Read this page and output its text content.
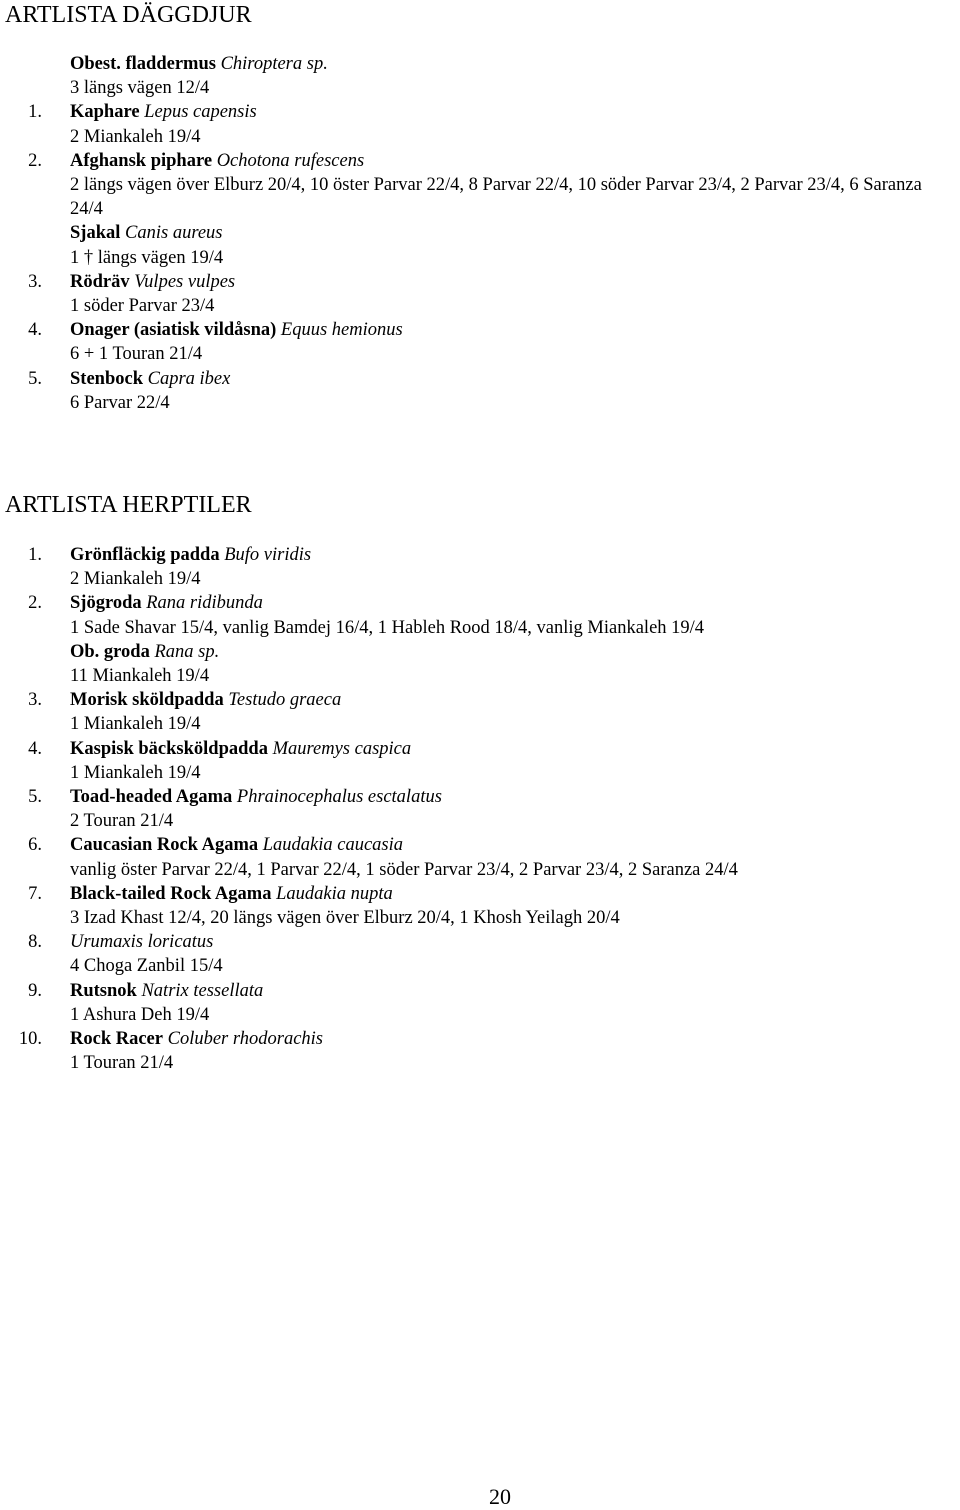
ARTLISTA DÄGGDJUR
Obest. fladdermus Chiroptera sp.
3 längs vägen 12/4
1. Kaphare Lepus capensis
2 Miankaleh 19/4
2. Afghansk piphare Ochotona rufescens
2 längs vägen över Elburz 20/4, 10 öster Parvar 22/4, 8 Parvar 22/4, 10 söder Parvar 23/4, 2 Parvar 23/4, 6 Saranza 24/4
Sjakal Canis aureus
1 † längs vägen 19/4
3. Rödräv Vulpes vulpes
1 söder Parvar 23/4
4. Onager (asiatisk vildåsna) Equus hemionus
6 + 1 Touran 21/4
5. Stenbock Capra ibex
6 Parvar 22/4
ARTLISTA HERPTILER
1. Grönfläckig padda Bufo viridis
2 Miankaleh 19/4
2. Sjögroda Rana ridibunda
1 Sade Shavar 15/4, vanlig Bamdej 16/4, 1 Hableh Rood 18/4, vanlig Miankaleh 19/4
Ob. groda Rana sp.
11 Miankaleh 19/4
3. Morisk sköldpadda Testudo graeca
1 Miankaleh 19/4
4. Kaspisk bäcksköldpadda Mauremys caspica
1 Miankaleh 19/4
5. Toad-headed Agama Phrainocephalus esctalatus
2 Touran 21/4
6. Caucasian Rock Agama Laudakia caucasia
vanlig öster Parvar 22/4, 1 Parvar 22/4, 1 söder Parvar 23/4, 2 Parvar 23/4, 2 Saranza 24/4
7. Black-tailed Rock Agama Laudakia nupta
3 Izad Khast 12/4, 20 längs vägen över Elburz 20/4, 1 Khosh Yeilagh 20/4
8. Urumaxis loricatus
4 Choga Zanbil 15/4
9. Rutsnok Natrix tessellata
1 Ashura Deh 19/4
10. Rock Racer Coluber rhodorachis
1 Touran 21/4
20
